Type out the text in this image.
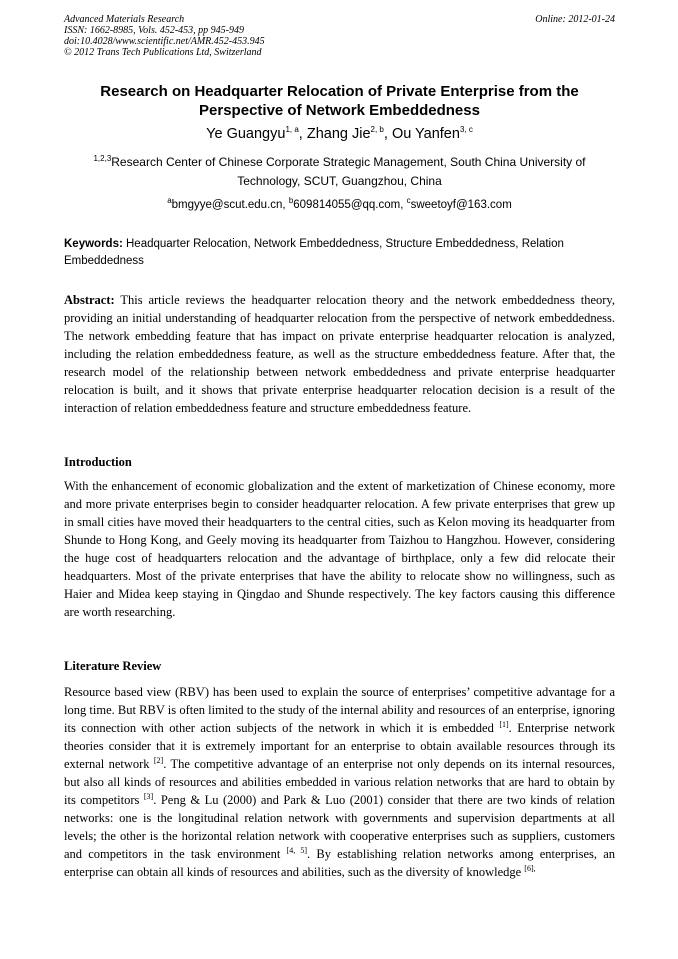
Advanced Materials Research
ISSN: 1662-8985, Vols. 452-453, pp 945-949
doi:10.4028/www.scientific.net/AMR.452-453.945
© 2012 Trans Tech Publications Ltd, Switzerland
Online: 2012-01-24
Research on Headquarter Relocation of Private Enterprise from the
Perspective of Network Embeddedness
Ye Guangyu$^{1, a}$, Zhang Jie$^{2, b}$, Ou Yanfen$^{3, c}$
$^{1,2,3}$Research Center of Chinese Corporate Strategic Management, South China University of Technology, SCUT, Guangzhou, China
$^a$bmgyye@scut.edu.cn, $^b$609814055@qq.com, $^c$sweetoyf@163.com
Keywords: Headquarter Relocation, Network Embeddedness, Structure Embeddedness, Relation Embeddedness
Abstract: This article reviews the headquarter relocation theory and the network embeddedness theory, providing an initial understanding of headquarter relocation from the perspective of network embeddedness. The network embedding feature that has impact on private enterprise headquarter relocation is analyzed, including the relation embeddedness feature, as well as the structure embeddedness feature. After that, the research model of the relationship between network embeddedness and private enterprise headquarter relocation is built, and it shows that private enterprise headquarter relocation decision is a result of the interaction of relation embeddedness feature and structure embeddedness feature.
Introduction
With the enhancement of economic globalization and the extent of marketization of Chinese economy, more and more private enterprises begin to consider headquarter relocation. A few private enterprises that grew up in small cities have moved their headquarters to the central cities, such as Kelon moving its headquarter from Shunde to Hong Kong, and Geely moving its headquarter from Taizhou to Hangzhou. However, considering the huge cost of headquarters relocation and the advantage of birthplace, only a few did relocate their headquarters. Most of the private enterprises that have the ability to relocate show no willingness, such as Haier and Midea keep staying in Qingdao and Shunde respectively. The key factors causing this difference are worth researching.
Literature Review
Resource based view (RBV) has been used to explain the source of enterprises’ competitive advantage for a long time. But RBV is often limited to the study of the internal ability and resources of an enterprise, ignoring its connection with other action subjects of the network in which it is embedded [1]. Enterprise network theories consider that it is extremely important for an enterprise to obtain available resources through its external network [2]. The competitive advantage of an enterprise not only depends on its internal resources, but also all kinds of resources and abilities embedded in various relation networks that are hard to obtain by its competitors [3]. Peng & Lu (2000) and Park & Luo (2001) consider that there are two kinds of relation networks: one is the longitudinal relation network with governments and supervision departments at all levels; the other is the horizontal relation network with cooperative enterprises such as suppliers, customers and competitors in the task environment [4, 5]. By establishing relation networks among enterprises, an enterprise can obtain all kinds of resources and abilities, such as the diversity of knowledge $^{[6],}$
